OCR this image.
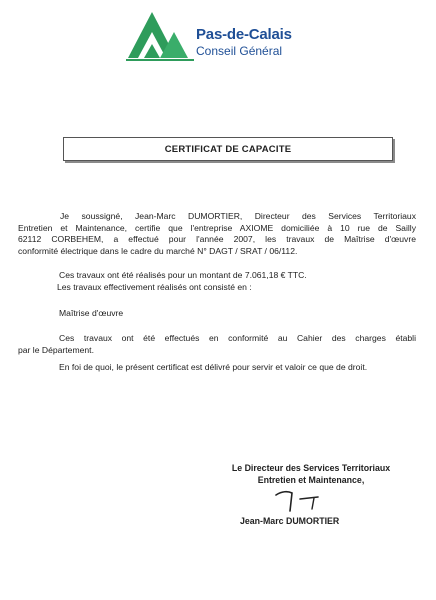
Pas-de-Calais
Conseil Général
CERTIFICAT DE CAPACITE
Je soussigné, Jean-Marc DUMORTIER, Directeur des Services Territoriaux
Entretien et Maintenance, certifie que l'entreprise AXIOME domiciliée à 10 rue de Sailly
62112 CORBEHEM, a effectué pour l'année 2007, les travaux de Maîtrise d'œuvre
conformité électrique dans le cadre du marché N° DAGT / SRAT / 06/112.
Ces travaux ont été réalisés pour un montant de 7.061,18 € TTC.
Les travaux effectivement réalisés ont consisté en :
Maîtrise d'œuvre
Ces travaux ont été effectués en conformité au Cahier des charges établi
par le Département.
En foi de quoi, le présent certificat est délivré pour servir et valoir ce que de droit.
Le Directeur des Services Territoriaux
Entretien et Maintenance,
Jean-Marc DUMORTIER
